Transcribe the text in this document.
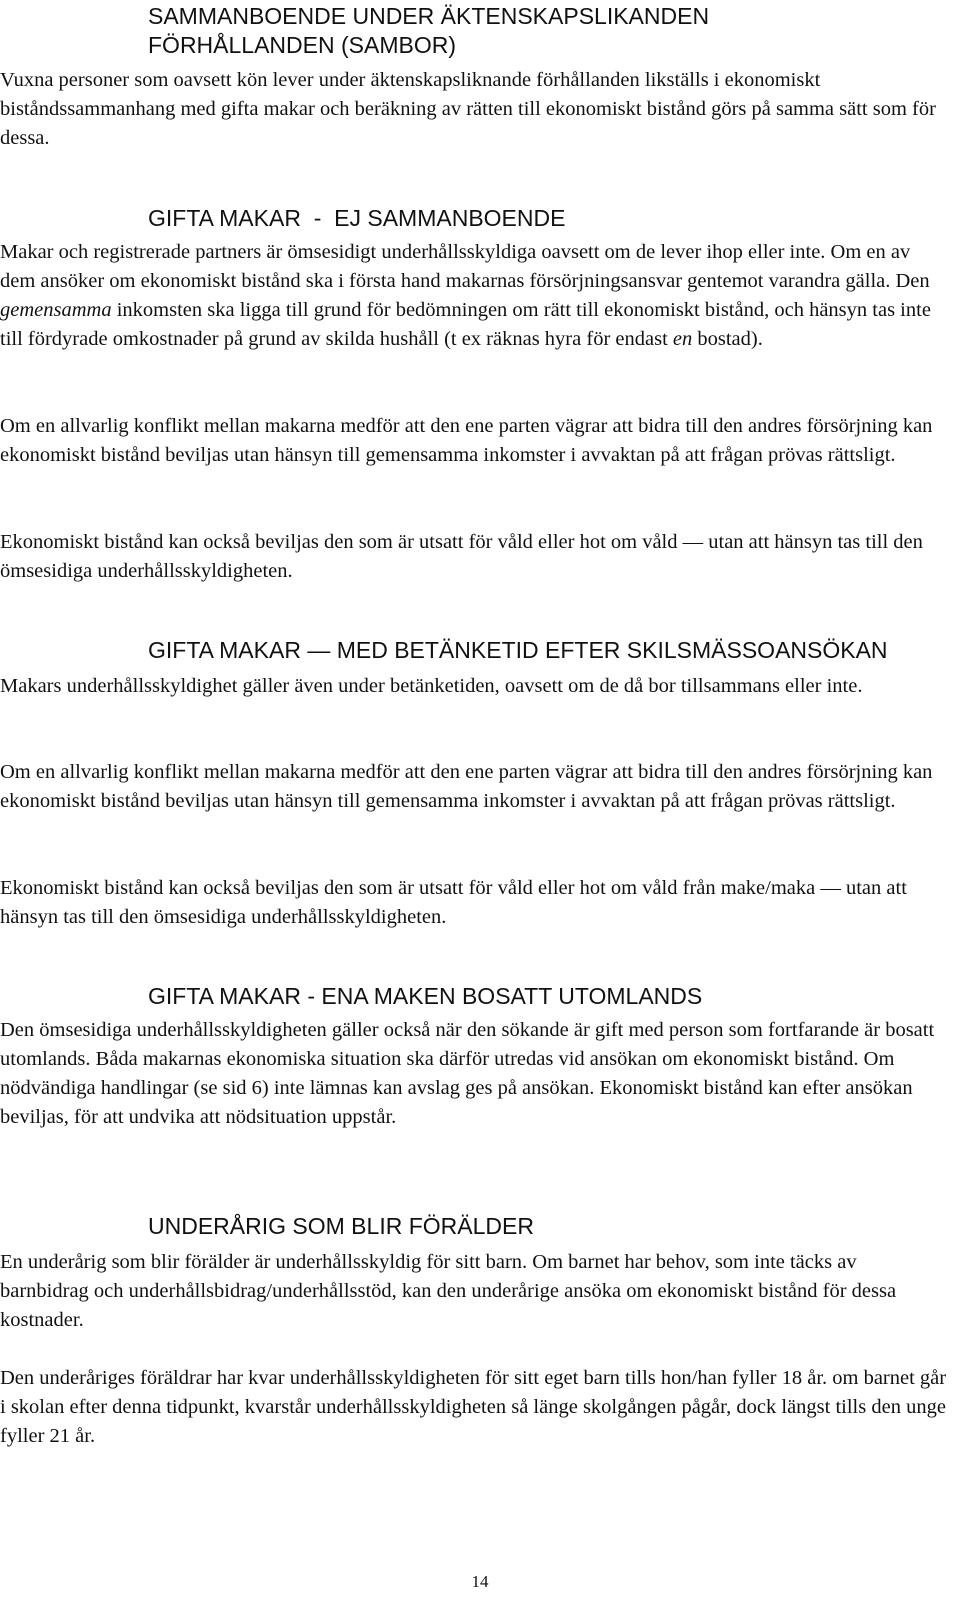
SAMMANBOENDE UNDER ÄKTENSKAPSLIKANDEN
FÖRHÅLLANDEN (SAMBOR)

Vuxna personer som oavsett kön lever under äktenskapsliknande förhållanden likställs i ekonomiskt biståndssammanhang med gifta makar och beräkning av rätten till ekonomiskt bistånd görs på samma sätt som för dessa.

GIFTA MAKAR  -  EJ SAMMANBOENDE

Makar och registrerade partners är ömsesidigt underhållsskyldiga oavsett om de lever ihop eller inte. Om en av dem ansöker om ekonomiskt bistånd ska i första hand makarnas försörjningsansvar gentemot varandra gälla. Den gemensamma inkomsten ska ligga till grund för bedömningen om rätt till ekonomiskt bistånd, och hänsyn tas inte till fördyrade omkostnader på grund av skilda hushåll (t ex räknas hyra för endast en bostad).

Om en allvarlig konflikt mellan makarna medför att den ene parten vägrar att bidra till den andres försörjning kan ekonomiskt bistånd beviljas utan hänsyn till gemensamma inkomster i avvaktan på att frågan prövas rättsligt.

Ekonomiskt bistånd kan också beviljas den som är utsatt för våld eller hot om våld — utan att hänsyn tas till den ömsesidiga underhållsskyldigheten.

GIFTA MAKAR — MED BETÄNKETID EFTER SKILSMÄSSOANSÖKAN

Makars underhållsskyldighet gäller även under betänketiden, oavsett om de då bor tillsammans eller inte.

Om en allvarlig konflikt mellan makarna medför att den ene parten vägrar att bidra till den andres försörjning kan ekonomiskt bistånd beviljas utan hänsyn till gemensamma inkomster i avvaktan på att frågan prövas rättsligt.

Ekonomiskt bistånd kan också beviljas den som är utsatt för våld eller hot om våld från make/maka — utan att hänsyn tas till den ömsesidiga underhållsskyldigheten.

GIFTA MAKAR - ENA MAKEN BOSATT UTOMLANDS

Den ömsesidiga underhållsskyldigheten gäller också när den sökande är gift med person som fortfarande är bosatt utomlands. Båda makarnas ekonomiska situation ska därför utredas vid ansökan om ekonomiskt bistånd. Om nödvändiga handlingar (se sid 6) inte lämnas kan avslag ges på ansökan. Ekonomiskt bistånd kan efter ansökan beviljas, för att undvika att nödsituation uppstår.

UNDERÅRIG SOM BLIR FÖRÄLDER

En underårig som blir förälder är underhållsskyldig för sitt barn. Om barnet har behov, som inte täcks av barnbidrag och underhållsbidrag/underhållsstöd, kan den underårige ansöka om ekonomiskt bistånd för dessa kostnader.

Den underåriges föräldrar har kvar underhållsskyldigheten för sitt eget barn tills hon/han fyller 18 år. om barnet går i skolan efter denna tidpunkt, kvarstår underhållsskyldigheten så länge skolgången pågår, dock längst tills den unge fyller 21 år.

14
